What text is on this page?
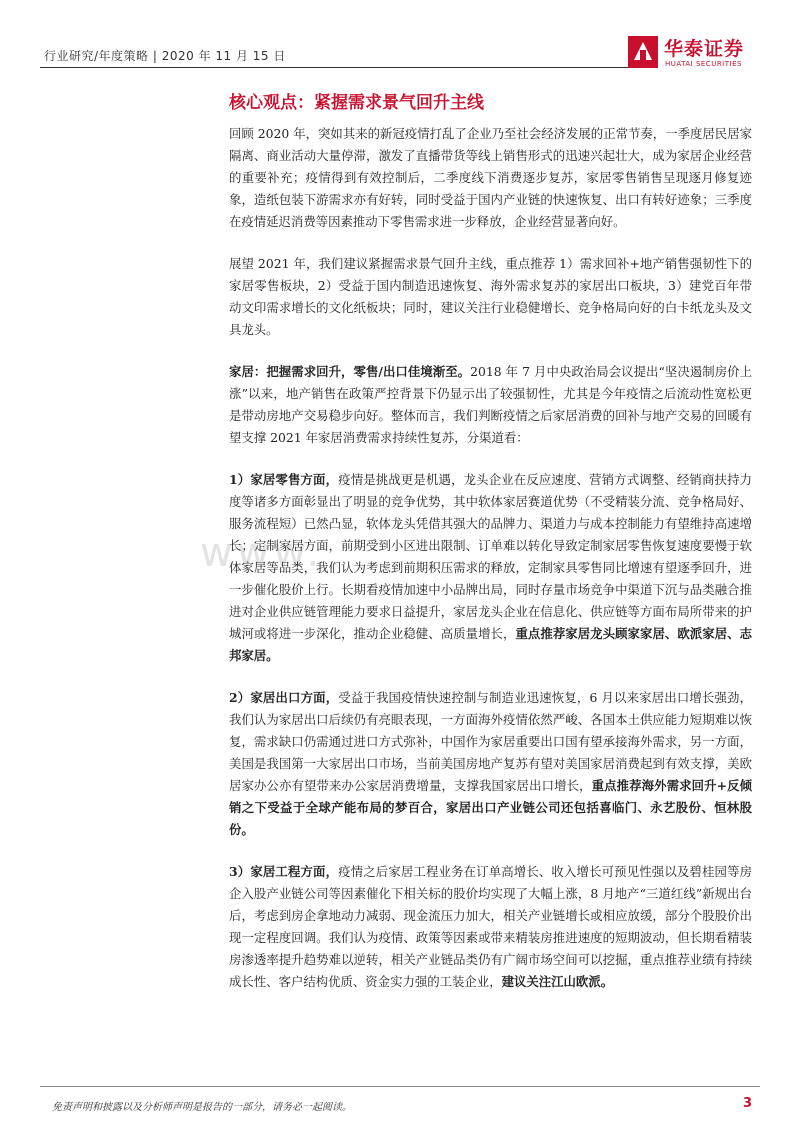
行业研究/年度策略 | 2020 年 11 月 15 日	华泰证券
HUATAI SECURITIES
www.
核心观点：紧握需求景气回升主线

回顾 2020 年，突如其来的新冠疫情打乱了企业乃至社会经济发展的正常节奏，一季度居民居家隔离、商业活动大量停滞，激发了直播带货等线上销售形式的迅速兴起壮大，成为家居企业经营的重要补充；疫情得到有效控制后，二季度线下消费逐步复苏，家居零售销售呈现逐月修复迹象，造纸包装下游需求亦有好转，同时受益于国内产业链的快速恢复、出口有转好迹象；三季度在疫情延迟消费等因素推动下零售需求进一步释放，企业经营显著向好。

展望 2021 年，我们建议紧握需求景气回升主线，重点推荐 1）需求回补+地产销售强韧性下的家居零售板块，2）受益于国内制造迅速恢复、海外需求复苏的家居出口板块，3）建党百年带动文印需求增长的文化纸板块；同时，建议关注行业稳健增长、竞争格局向好的白卡纸龙头及文具龙头。

家居：把握需求回升，零售/出口佳境渐至。2018 年 7 月中央政治局会议提出“坚决遏制房价上涨”以来，地产销售在政策严控背景下仍显示出了较强韧性，尤其是今年疫情之后流动性宽松更是带动房地产交易稳步向好。整体而言，我们判断疫情之后家居消费的回补与地产交易的回暖有望支撑 2021 年家居消费需求持续性复苏，分渠道看：

1）家居零售方面，疫情是挑战更是机遇，龙头企业在反应速度、营销方式调整、经销商扶持力度等诸多方面彰显出了明显的竞争优势，其中软体家居赛道优势（不受精装分流、竞争格局好、服务流程短）已然凸显，软体龙头凭借其强大的品牌力、渠道力与成本控制能力有望维持高速增长；定制家居方面，前期受到小区进出限制、订单难以转化导致定制家居零售恢复速度要慢于软体家居等品类，我们认为考虑到前期积压需求的释放，定制家具零售同比增速有望逐季回升，进一步催化股价上行。长期看疫情加速中小品牌出局，同时存量市场竞争中渠道下沉与品类融合推进对企业供应链管理能力要求日益提升，家居龙头企业在信息化、供应链等方面布局所带来的护城河或将进一步深化，推动企业稳健、高质量增长，重点推荐家居龙头顾家家居、欧派家居、志邦家居。

2）家居出口方面，受益于我国疫情快速控制与制造业迅速恢复，6 月以来家居出口增长强劲，我们认为家居出口后续仍有亮眼表现，一方面海外疫情依然严峻、各国本土供应能力短期难以恢复，需求缺口仍需通过进口方式弥补，中国作为家居重要出口国有望承接海外需求，另一方面，美国是我国第一大家居出口市场，当前美国房地产复苏有望对美国家居消费起到有效支撑，美欧居家办公亦有望带来办公家居消费增量，支撑我国家居出口增长，重点推荐海外需求回升+反倾销之下受益于全球产能布局的梦百合，家居出口产业链公司还包括喜临门、永艺股份、恒林股份。

3）家居工程方面，疫情之后家居工程业务在订单高增长、收入增长可预见性强以及碧桂园等房企入股产业链公司等因素催化下相关标的股价均实现了大幅上涨，8 月地产“三道红线”新规出台后，考虑到房企拿地动力减弱、现金流压力加大，相关产业链增长或相应放缓，部分个股股价出现一定程度回调。我们认为疫情、政策等因素或带来精装房推进速度的短期波动，但长期看精装房渗透率提升趋势难以逆转，相关产业链品类仍有广阔市场空间可以挖掘，重点推荐业绩有持续成长性、客户结构优质、资金实力强的工装企业，建议关注江山欧派。

免责声明和披露以及分析师声明是报告的一部分，请务必一起阅读。	3
